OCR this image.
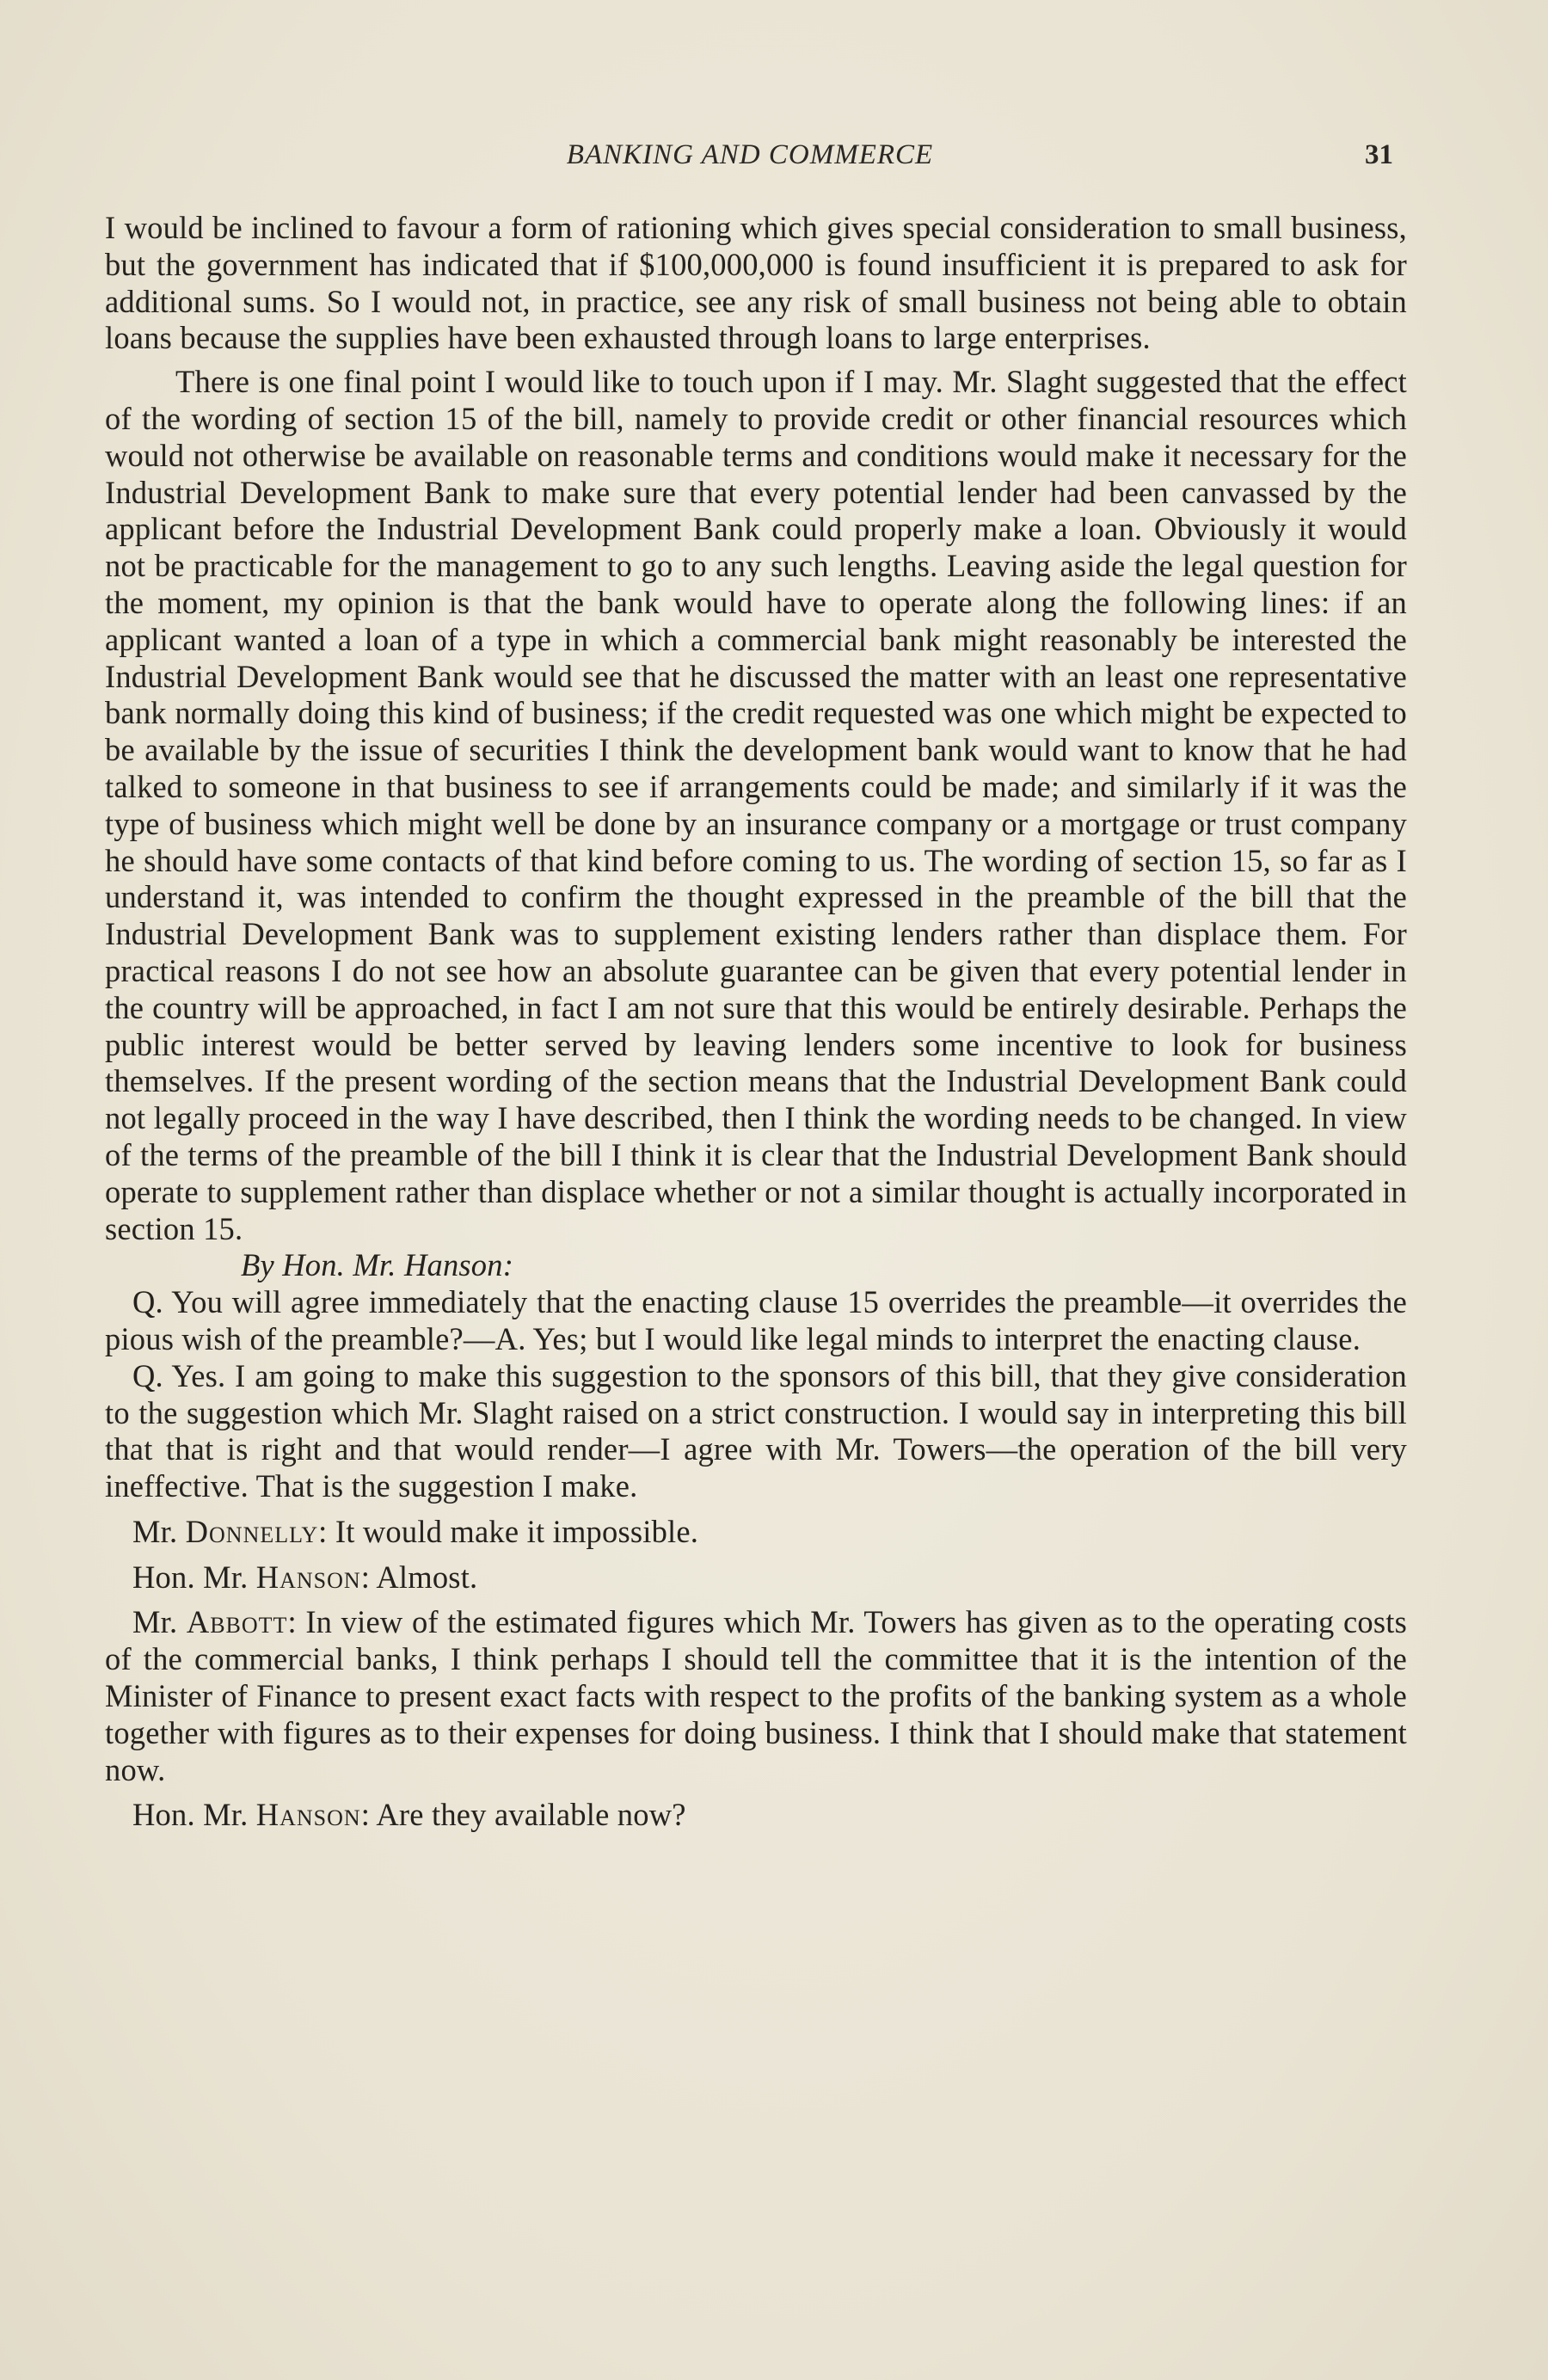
BANKING AND COMMERCE	31

I would be inclined to favour a form of rationing which gives special consideration to small business, but the government has indicated that if $100,000,000 is found insufficient it is prepared to ask for additional sums. So I would not, in practice, see any risk of small business not being able to obtain loans because the supplies have been exhausted through loans to large enterprises.

There is one final point I would like to touch upon if I may. Mr. Slaght suggested that the effect of the wording of section 15 of the bill, namely to provide credit or other financial resources which would not otherwise be available on reasonable terms and conditions would make it necessary for the Industrial Development Bank to make sure that every potential lender had been canvassed by the applicant before the Industrial Development Bank could properly make a loan. Obviously it would not be practicable for the management to go to any such lengths. Leaving aside the legal question for the moment, my opinion is that the bank would have to operate along the following lines: if an applicant wanted a loan of a type in which a commercial bank might reasonably be interested the Industrial Development Bank would see that he discussed the matter with an least one representative bank normally doing this kind of business; if the credit requested was one which might be expected to be available by the issue of securities I think the development bank would want to know that he had talked to someone in that business to see if arrangements could be made; and similarly if it was the type of business which might well be done by an insurance company or a mortgage or trust company he should have some contacts of that kind before coming to us. The wording of section 15, so far as I understand it, was intended to confirm the thought expressed in the preamble of the bill that the Industrial Development Bank was to supplement existing lenders rather than displace them. For practical reasons I do not see how an absolute guarantee can be given that every potential lender in the country will be approached, in fact I am not sure that this would be entirely desirable. Perhaps the public interest would be better served by leaving lenders some incentive to look for business themselves. If the present wording of the section means that the Industrial Development Bank could not legally proceed in the way I have described, then I think the wording needs to be changed. In view of the terms of the preamble of the bill I think it is clear that the Industrial Development Bank should operate to supplement rather than displace whether or not a similar thought is actually incorporated in section 15.

By Hon. Mr. Hanson:

Q. You will agree immediately that the enacting clause 15 overrides the preamble—it overrides the pious wish of the preamble?—A. Yes; but I would like legal minds to interpret the enacting clause.

Q. Yes. I am going to make this suggestion to the sponsors of this bill, that they give consideration to the suggestion which Mr. Slaght raised on a strict construction. I would say in interpreting this bill that that is right and that would render—I agree with Mr. Towers—the operation of the bill very ineffective. That is the suggestion I make.

Mr. Donnelly: It would make it impossible.

Hon. Mr. Hanson: Almost.

Mr. Abbott: In view of the estimated figures which Mr. Towers has given as to the operating costs of the commercial banks, I think perhaps I should tell the committee that it is the intention of the Minister of Finance to present exact facts with respect to the profits of the banking system as a whole together with figures as to their expenses for doing business. I think that I should make that statement now.

Hon. Mr. Hanson: Are they available now?
